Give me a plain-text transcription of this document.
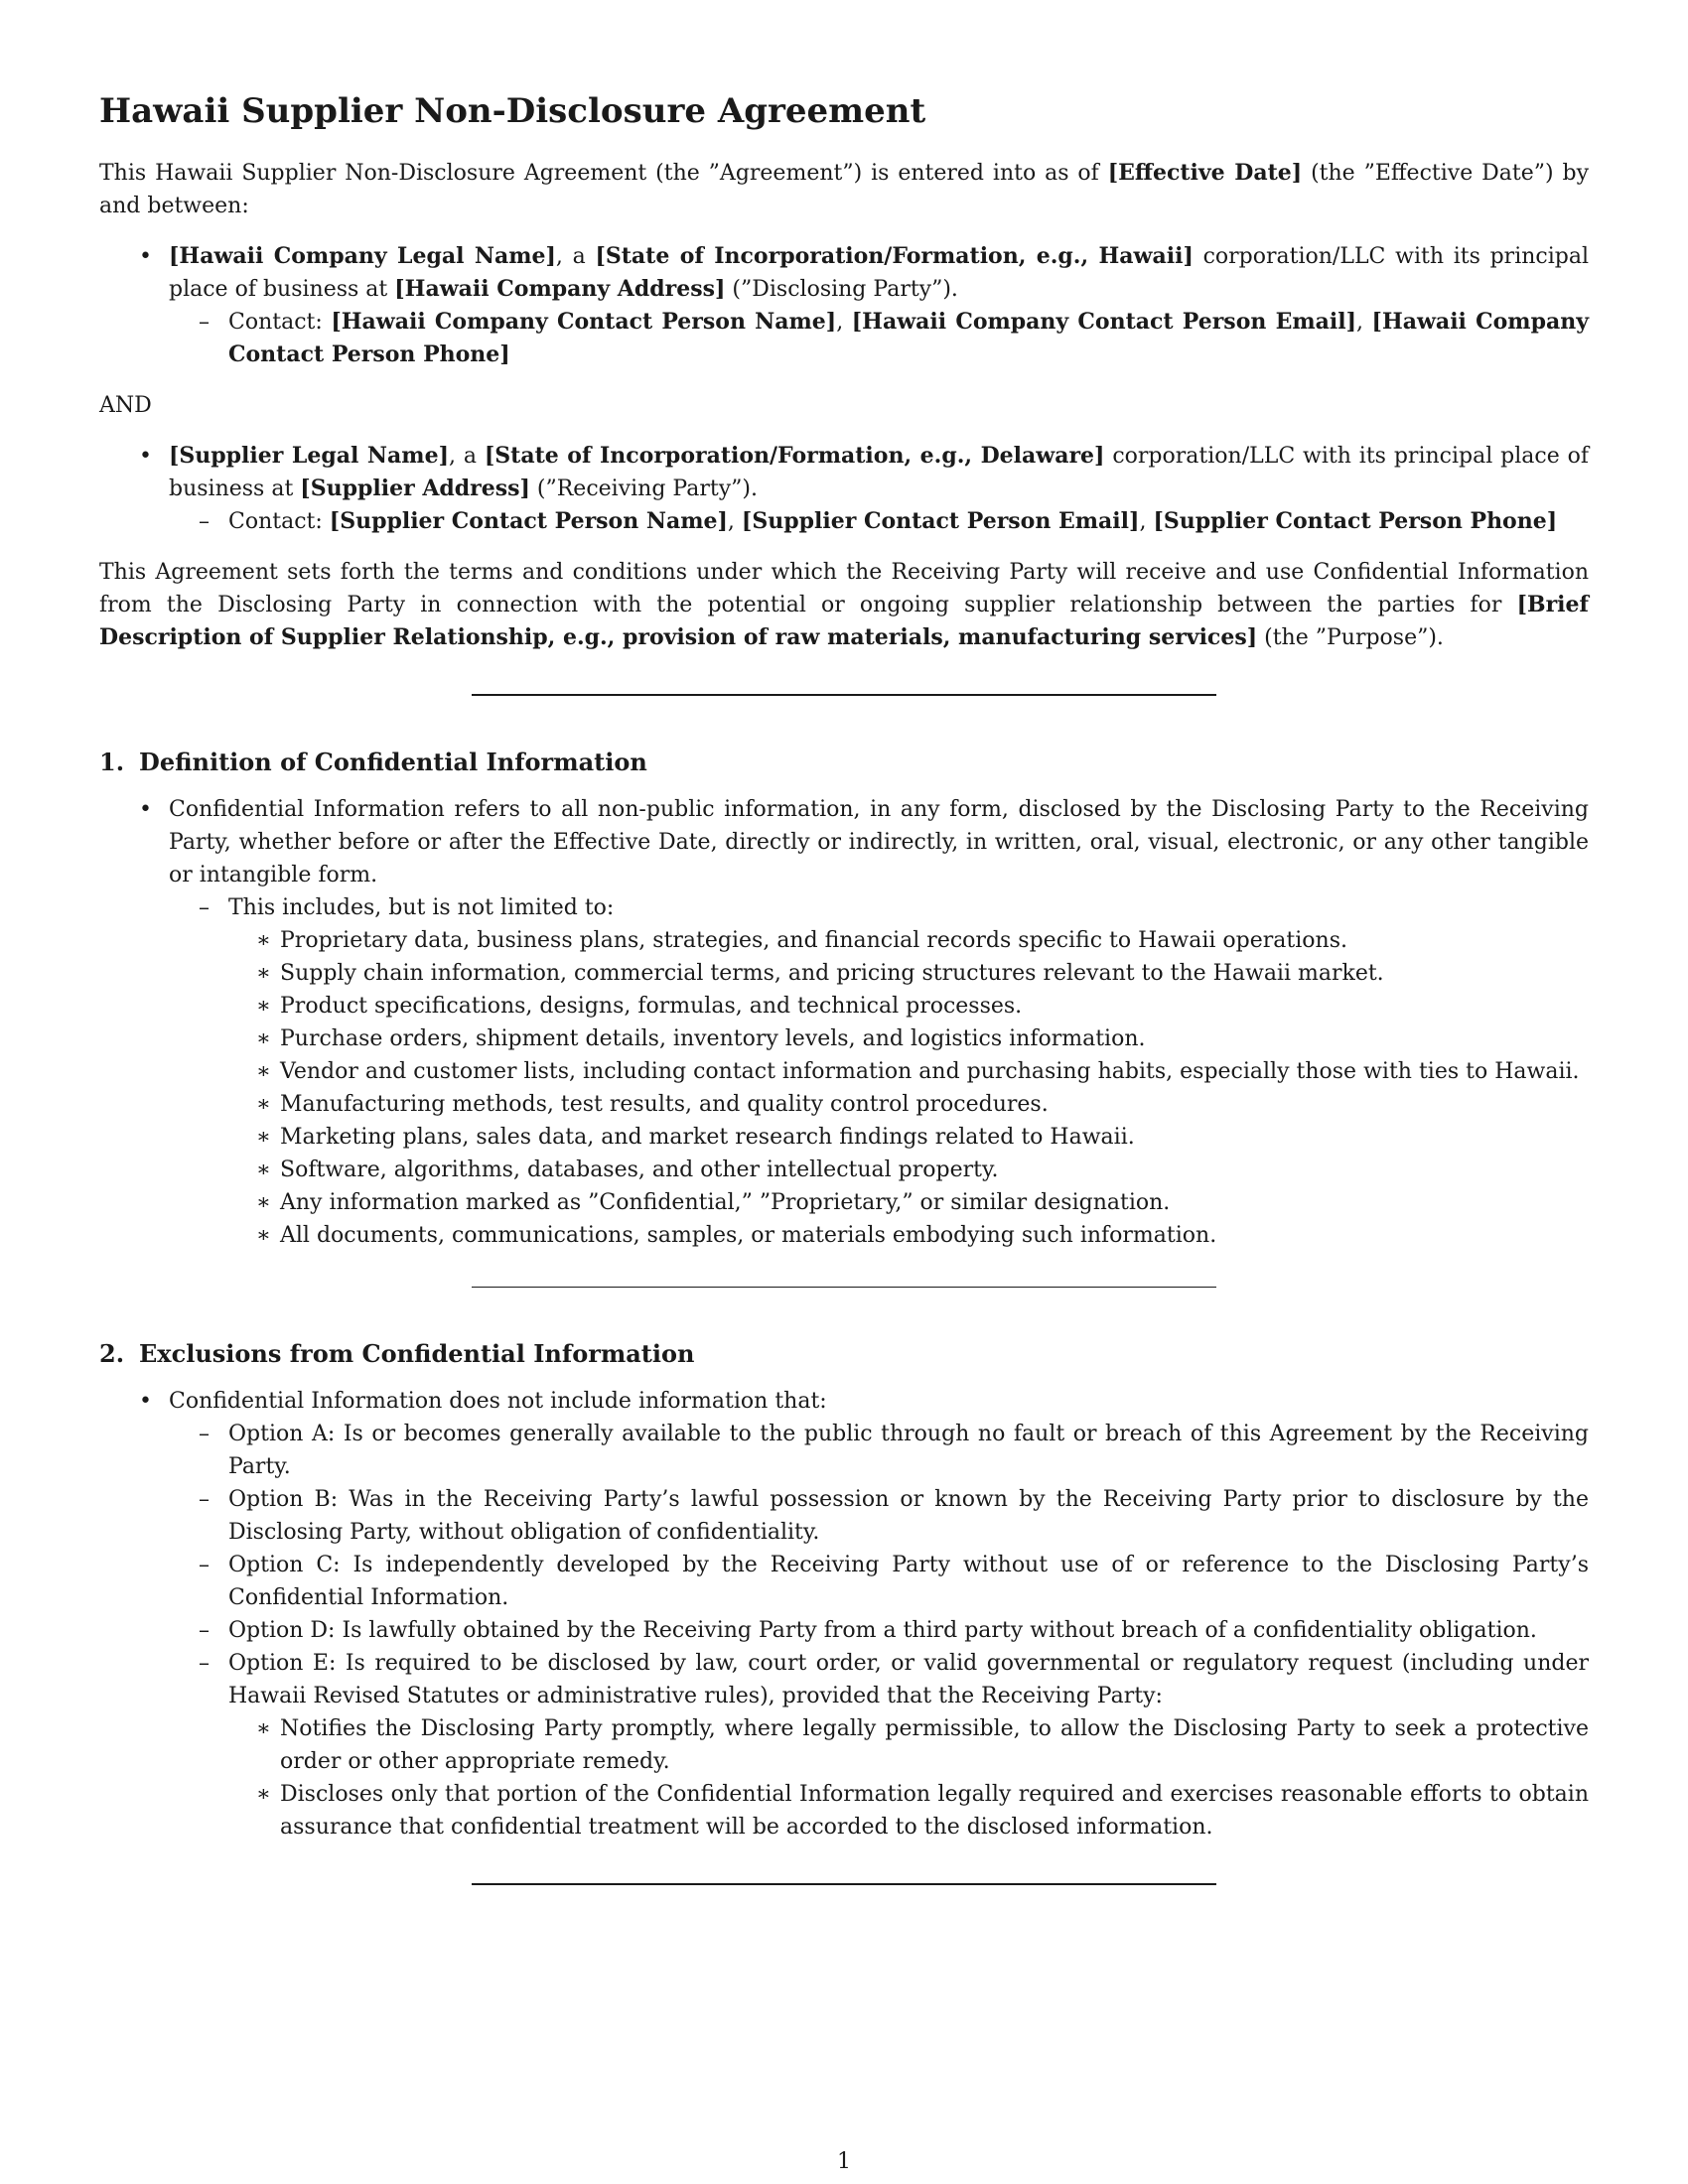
Hawaii Supplier Non-Disclosure Agreement

This Hawaii Supplier Non-Disclosure Agreement (the ”Agreement”) is entered into as of [Effective Date] (the ”Effective Date”) by and between:

• [Hawaii Company Legal Name], a [State of Incorporation/Formation, e.g., Hawaii] corporation/LLC with its principal place of business at [Hawaii Company Address] (”Disclosing Party”).
– Contact: [Hawaii Company Contact Person Name], [Hawaii Company Contact Person Email], [Hawaii Company Contact Person Phone]

AND

• [Supplier Legal Name], a [State of Incorporation/Formation, e.g., Delaware] corporation/LLC with its principal place of business at [Supplier Address] (”Receiving Party”).
– Contact: [Supplier Contact Person Name], [Supplier Contact Person Email], [Supplier Contact Person Phone]

This Agreement sets forth the terms and conditions under which the Receiving Party will receive and use Confidential Information from the Disclosing Party in connection with the potential or ongoing supplier relationship between the parties for [Brief Description of Supplier Relationship, e.g., provision of raw materials, manufacturing services] (the ”Purpose”).

1. Definition of Confidential Information
• Confidential Information refers to all non-public information, in any form, disclosed by the Disclosing Party to the Receiving Party, whether before or after the Effective Date, directly or indirectly, in written, oral, visual, electronic, or any other tangible or intangible form.
– This includes, but is not limited to:
∗ Proprietary data, business plans, strategies, and financial records specific to Hawaii operations.
∗ Supply chain information, commercial terms, and pricing structures relevant to the Hawaii market.
∗ Product specifications, designs, formulas, and technical processes.
∗ Purchase orders, shipment details, inventory levels, and logistics information.
∗ Vendor and customer lists, including contact information and purchasing habits, especially those with ties to Hawaii.
∗ Manufacturing methods, test results, and quality control procedures.
∗ Marketing plans, sales data, and market research findings related to Hawaii.
∗ Software, algorithms, databases, and other intellectual property.
∗ Any information marked as ”Confidential,” ”Proprietary,” or similar designation.
∗ All documents, communications, samples, or materials embodying such information.
2. Exclusions from Confidential Information
• Confidential Information does not include information that:
– Option A: Is or becomes generally available to the public through no fault or breach of this Agreement by the Receiving Party.
– Option B: Was in the Receiving Party’s lawful possession or known by the Receiving Party prior to disclosure by the Disclosing Party, without obligation of confidentiality.
– Option C: Is independently developed by the Receiving Party without use of or reference to the Disclosing Party’s Confidential Information.
– Option D: Is lawfully obtained by the Receiving Party from a third party without breach of a confidentiality obligation.
– Option E: Is required to be disclosed by law, court order, or valid governmental or regulatory request (including under Hawaii Revised Statutes or administrative rules), provided that the Receiving Party:
∗ Notifies the Disclosing Party promptly, where legally permissible, to allow the Disclosing Party to seek a protective order or other appropriate remedy.
∗ Discloses only that portion of the Confidential Information legally required and exercises reasonable efforts to obtain assurance that confidential treatment will be accorded to the disclosed information.
1
